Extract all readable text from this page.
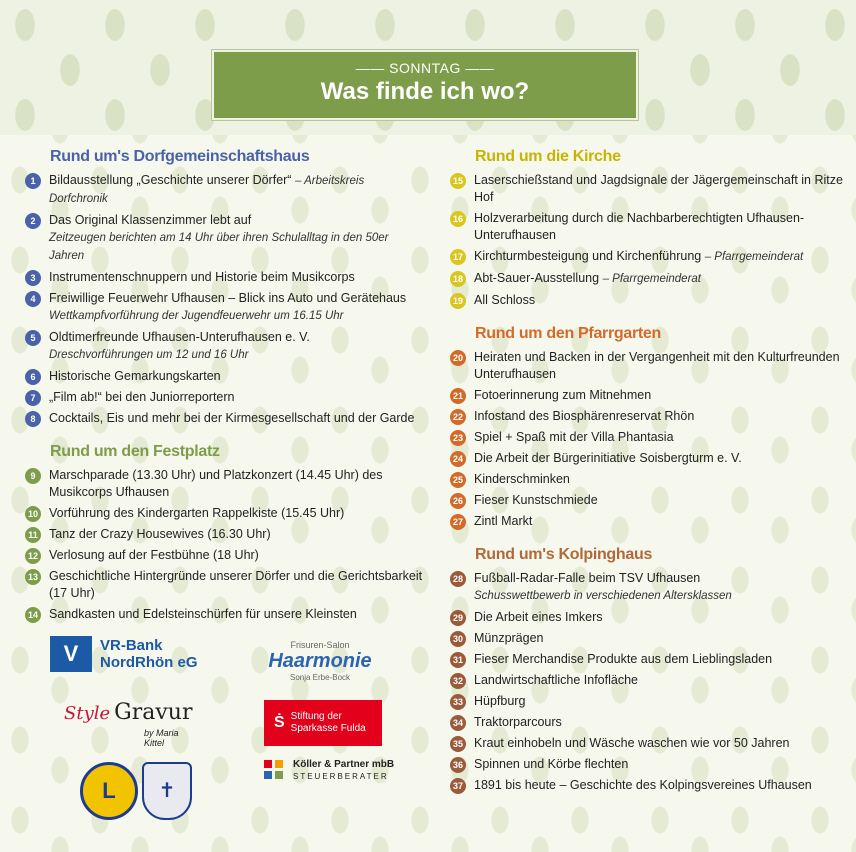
—— SONNTAG ——
Was finde ich wo?
Rund um's Dorfgemeinschaftshaus
1	Bildausstellung „Geschichte unserer Dörfer“ – Arbeitskreis Dorfchronik
2	Das Original Klassenzimmer lebt auf
Zeitzeugen berichten am 14 Uhr über ihren Schulalltag in den 50er Jahren
3	Instrumentenschnuppern und Historie beim Musikcorps
4	Freiwillige Feuerwehr Ufhausen – Blick ins Auto und Gerätehaus
Wettkampfvorführung der Jugendfeuerwehr um 16.15 Uhr
5	Oldtimerfreunde Ufhausen-Unterufhausen e. V.
Dreschvorführungen um 12 und 16 Uhr
6	Historische Gemarkungskarten
7	„Film ab!“ bei den Juniorreportern
8	Cocktails, Eis und mehr bei der Kirmesgesellschaft und der Garde
Rund um den Festplatz
9	Marschparade (13.30 Uhr) und Platzkonzert (14.45 Uhr) des Musikcorps Ufhausen
10 Vorführung des Kindergarten Rappelkiste (15.45 Uhr)
11 Tanz der Crazy Housewives (16.30 Uhr)
12 Verlosung auf der Festbühne (18 Uhr)
13 Geschichtliche Hintergründe unserer Dörfer und die Gerichtsbarkeit (17 Uhr)
14 Sandkasten und Edelsteinschürfen für unsere Kleinsten
Rund um die Kirche
15 Laserschießstand und Jagdsignale der Jägergemeinschaft in Ritze Hof
16 Holzverarbeitung durch die Nachbarberechtigten Ufhausen-Unterufhausen
17 Kirchturmbesteigung und Kirchenführung – Pfarrgemeinderat
18 Abt-Sauer-Ausstellung – Pfarrgemeinderat
19 All Schloss
Rund um den Pfarrgarten
20 Heiraten und Backen in der Vergangenheit mit den Kulturfreunden Unterufhausen
21 Fotoerinnerung zum Mitnehmen
22 Infostand des Biosphärenreservat Rhön
23 Spiel + Spaß mit der Villa Phantasia
24 Die Arbeit der Bürgerinitiative Soisbergturm e. V.
25 Kinderschminken
26 Fieser Kunstschmiede
27 Zintl Markt
Rund um's Kolpinghaus
28 Fußball-Radar-Falle beim TSV Ufhausen
Schusswettbewerb in verschiedenen Altersklassen
29 Die Arbeit eines Imkers
30 Münzprägen
31 Fieser Merchandise Produkte aus dem Lieblingsladen
32 Landwirtschaftliche Infofläche
33 Hüpfburg
34 Traktorparcours
35 Kraut einhobeln und Wäsche waschen wie vor 50 Jahren
36 Spinnen und Körbe flechten
37 1891 bis heute – Geschichte des Kolpingsvereines Ufhausen
V	VR-Bank
NordRhön eG
Frisuren-Salon
Haarmonie
Sonja Erbe-Bock
Style Gravur
by Maria Kittel
Ṡ Stiftung der
Sparkasse Fulda
L	✝
Köller & Partner mbB
STEUERBERATER
